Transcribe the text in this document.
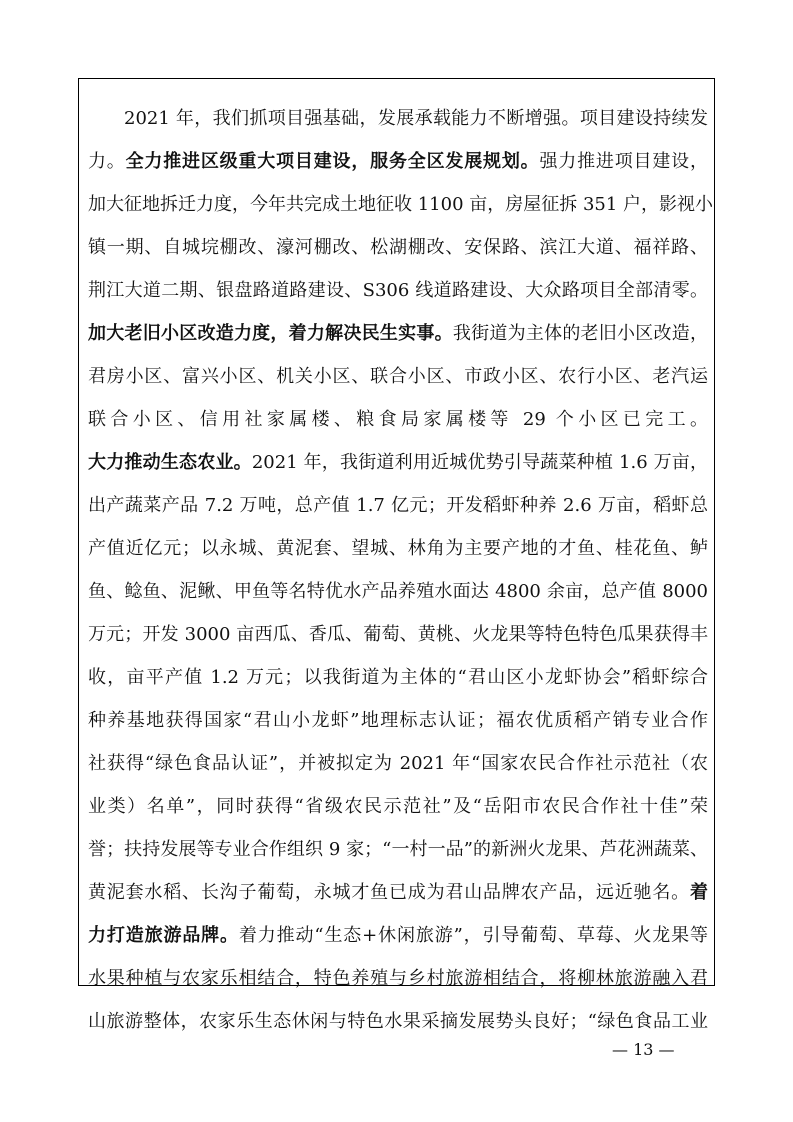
2021 年，我们抓项目强基础，发展承载能力不断增强。项目建设持续发
力。全力推进区级重大项目建设，服务全区发展规划。强力推进项目建设，
加大征地拆迁力度，今年共完成土地征收 1100 亩，房屋征拆 351 户，影视小
镇一期、自城垸棚改、濠河棚改、松湖棚改、安保路、滨江大道、福祥路、
荆江大道二期、银盘路道路建设、S306 线道路建设、大众路项目全部清零。
加大老旧小区改造力度，着力解决民生实事。我街道为主体的老旧小区改造，
君房小区、富兴小区、机关小区、联合小区、市政小区、农行小区、老汽运
联合小区、信用社家属楼、粮食局家属楼等 29 个小区已完工。
大力推动生态农业。2021 年，我街道利用近城优势引导蔬菜种植 1.6 万亩，
出产蔬菜产品 7.2 万吨，总产值 1.7 亿元；开发稻虾种养 2.6 万亩，稻虾总
产值近亿元；以永城、黄泥套、望城、林角为主要产地的才鱼、桂花鱼、鲈
鱼、鲶鱼、泥鳅、甲鱼等名特优水产品养殖水面达 4800 余亩，总产值 8000
万元；开发 3000 亩西瓜、香瓜、葡萄、黄桃、火龙果等特色特色瓜果获得丰
收，亩平产值 1.2 万元；以我街道为主体的“君山区小龙虾协会”稻虾综合
种养基地获得国家“君山小龙虾”地理标志认证；福农优质稻产销专业合作
社获得“绿色食品认证”，并被拟定为 2021 年“国家农民合作社示范社（农
业类）名单”，同时获得“省级农民示范社”及“岳阳市农民合作社十佳”荣
誉；扶持发展等专业合作组织 9 家；“一村一品”的新洲火龙果、芦花洲蔬菜、
黄泥套水稻、长沟子葡萄，永城才鱼已成为君山品牌农产品，远近驰名。着
力打造旅游品牌。着力推动“生态+休闲旅游”，引导葡萄、草莓、火龙果等
水果种植与农家乐相结合，特色养殖与乡村旅游相结合，将柳林旅游融入君
山旅游整体，农家乐生态休闲与特色水果采摘发展势头良好；“绿色食品工业
— 13 —
